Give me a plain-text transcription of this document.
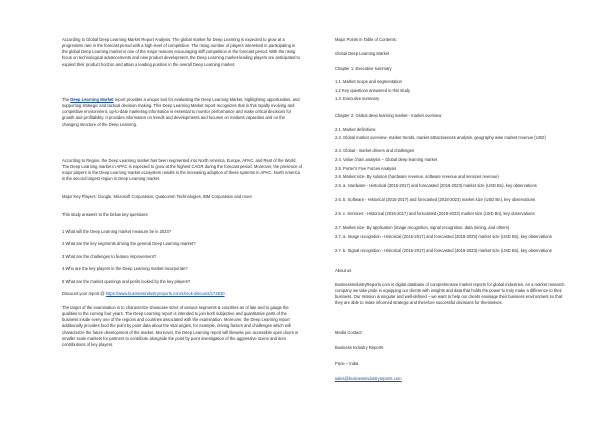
According to Global Deep Learning Market Report Analysis, The global market for Deep Learning is expected to grow at a progressive rate in the forecast period with a high level of competition. The rising number of players interested in participating in the global Deep Learning market is one of the major reasons encouraging stiff competition in the forecast period. With the rising focus on technological advancements and new product development, the Deep Learning market-leading players are anticipated to expand their product horizon and attain a leading position in the overall Deep Learning market.

The Deep Learning Market report provides a unique tool for evaluating the Deep Learning Market, highlighting opportunities, and supporting strategic and tactical decision-making. This Deep Learning Market report recognizes that in this rapidly evolving and competitive environment, up-to-date marketing information is essential to monitor performance and make critical decisions for growth and profitability. It provides information on trends and developments and focuses on markets capacities and on the changing structure of the Deep Learning.

According to Region, the Deep Learning market has been segmented into North America, Europe, APAC, and Rest of the World. The Deep Learning market in APAC is expected to grow at the highest CAGR during the forecast period. Moreover, the presence of major players in the Deep Learning market ecosystem results in the increasing adoption of these systems in APAC. North America is the second largest region in Deep Learning market.

Major Key Players: Google, Microsoft Corporation, Qualcomm Technologies, IBM Corporation and more.

This study answers to the below key questions:

1 What will the Deep Learning market measure be in 2023?

2 What are the key segments driving the general Deep Learning market?

3 What are the challenges to feature improvement?

4 Who are the key players in the Deep Learning market incorporate?

5 What are the market openings and perils looked by the key players?

Discount your report @ https://www.businessindustryreports.com/check-discount/174830 .

The target of the examination is to characterize showcase sizes of various segments & countries as of late and to gauge the qualities to the coming four years. The Deep Learning report is intended to join both subjective and quantitative parts of the business inside every one of the regions and countries associated with the examination. Moreover, the Deep Learning report additionally provides food the point by point data about the vital angles, for example, driving factors and challenges which will characterize the future development of the market. Moreover, the Deep Learning report will likewise join accessible open doors in smaller scale markets for partners to contribute alongside the point by point investigation of the aggressive scene and item contributions of key players.

Major Points in Table of Contents:

Global Deep Learning Market

Chapter 1: Executive summary

1.1. Market scope and segmentation

1.2 Key questions answered in this study

1.3. Executive summary

Chapter 2: Global deep learning market - market overview

2.1. Market definitions

2.2. Global market overview- market trends, market attractiveness analysis, geography wise market revenue (USD)

2.3. Global - market drivers and challenges

2.4. Value chain analysis – Global deep learning market

2.5. Porter's Five Forces Analysis

2.6. Market size- By solution (hardware revenue, software revenue and services revenue)

2.6. a. Hardware - Historical (2015-2017) and forecasted (2018-2023) market size (USD Bn), key observations

2.6. b. Software - Historical (2015-2017) and forecasted (2018-2023) market size (USD Bn), key observations

2.6. c. Services - Historical (2015-2017) and forecasted (2018-2023) market size (USD Bn), key observations

2.7. Market size- By application (image recognition, signal recognition, data mining, and others)

2.7. a. Image recognition - Historical (2015-2017) and forecasted (2018-2023) market size (USD Bn), key observations

2.7. b. Signal recognition - Historical (2015-2017) and forecasted (2018-2023) market size (USD Bn), key observations

About us

BusinessIndustryReports.com is digital database of comprehensive market reports for global industries. As a market research company we take pride in equipping our clients with insights and data that holds the power to truly make a difference to their business. Our mission is singular and well-defined – we want to help our clients envisage their business environment so that they are able to make informed strategic and therefore successful decisions for themselves.

Media Contact

Business Industry Reports

Pune – India

sales@businessindustryreports.com
